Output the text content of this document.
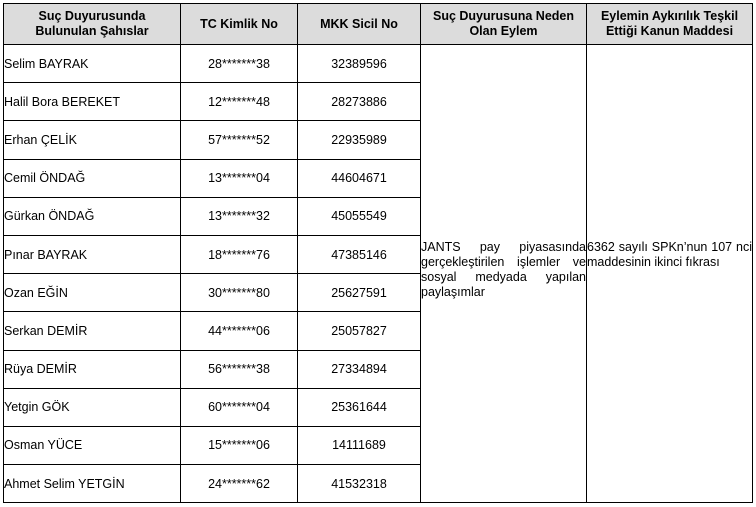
Suç Duyurusunda Bulunulan Şahıslar	TC Kimlik No	MKK Sicil No	Suç Duyurusuna Neden Olan Eylem	Eylemin Aykırılık Teşkil Ettiği Kanun Maddesi
Selim BAYRAK	28*******38	32389596	JANTS pay piyasasında gerçekleştirilen işlemler ve sosyal medyada yapılan paylaşımlar	6362 sayılı SPKn’nun 107 nci maddesinin ikinci fıkrası

Halil Bora BEREKET	12*******48	28273886		
Erhan ÇELİK	57*******52	22935989		
Cemil ÖNDAĞ	13*******04	44604671		
Gürkan ÖNDAĞ	13*******32	45055549		
Pınar BAYRAK	18*******76	47385146		
Ozan EĞİN	30*******80	25627591		
Serkan DEMİR	44*******06	25057827		
Rüya DEMİR	56*******38	27334894		
Yetgin GÖK	60*******04	25361644		
Osman YÜCE	15*******06	14111689		
Ahmet Selim YETGİN	24*******62	41532318		
